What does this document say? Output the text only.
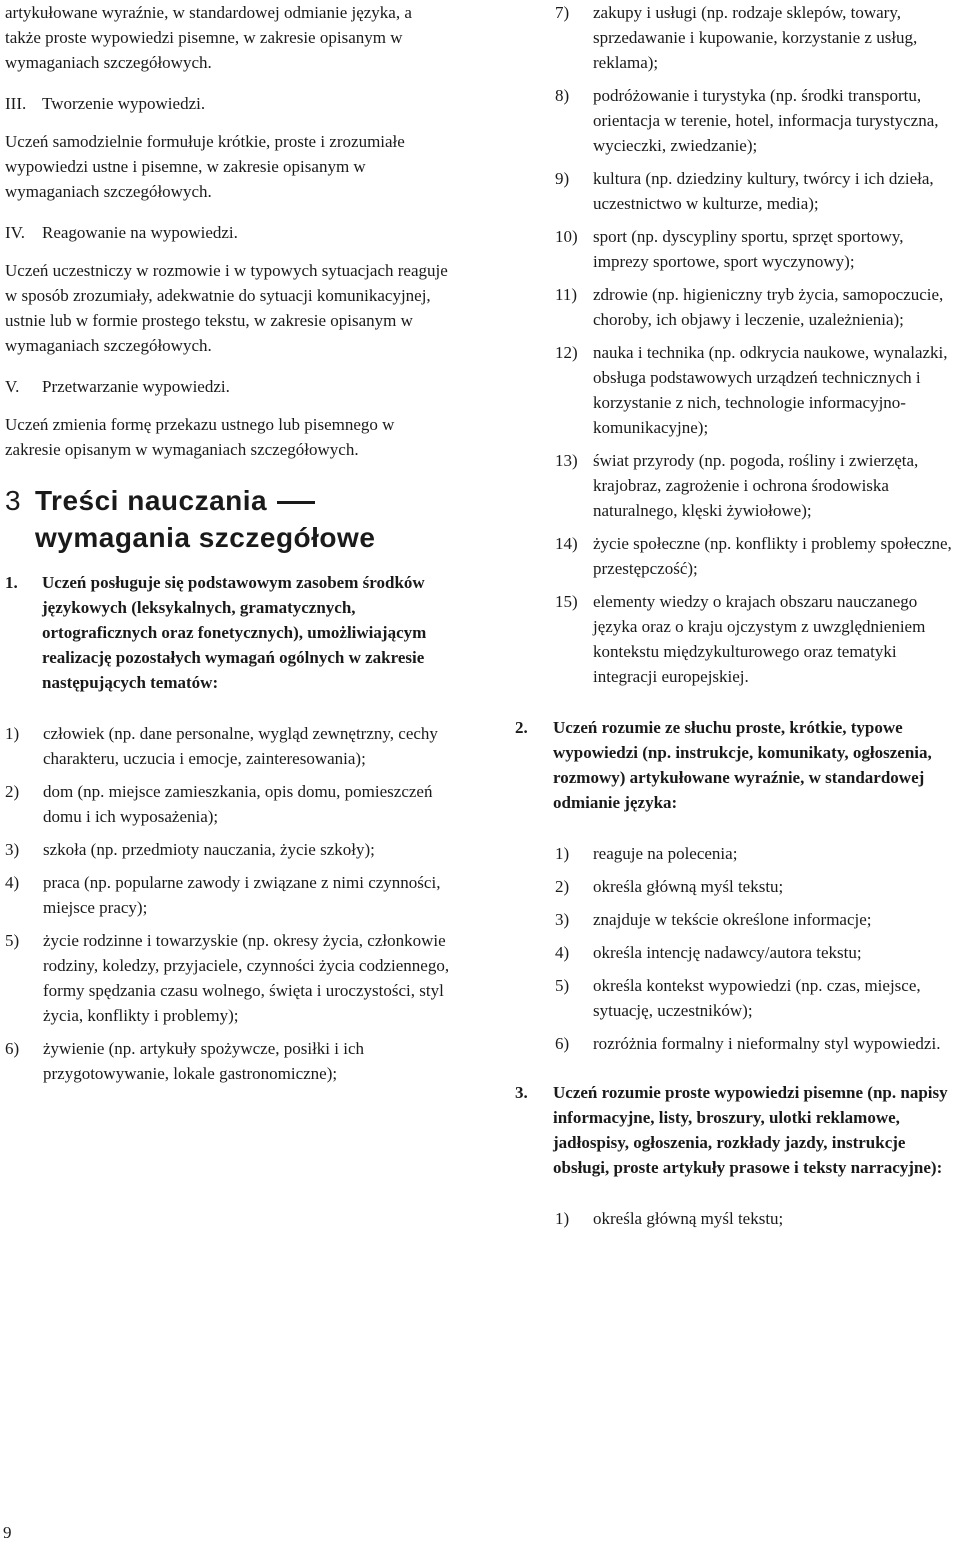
artykułowane wyraźnie, w standardowej odmianie języka, a także proste wypowiedzi pisemne, w zakresie opisanym w wymaganiach szczegółowych.

III. Tworzenie wypowiedzi.

Uczeń samodzielnie formułuje krótkie, proste i zrozumiałe wypowiedzi ustne i pisemne, w zakresie opisanym w wymaganiach szczegółowych.

IV. Reagowanie na wypowiedzi.

Uczeń uczestniczy w rozmowie i w typowych sytuacjach reaguje w sposób zrozumiały, adekwatnie do sytuacji komunikacyjnej, ustnie lub w formie prostego tekstu, w zakresie opisanym w wymaganiach szczegółowych.

V. Przetwarzanie wypowiedzi.

Uczeń zmienia formę przekazu ustnego lub pisemnego w zakresie opisanym w wymaganiach szczegółowych.

3 Treści nauczania
wymagania szczegółowe
1. Uczeń posługuje się podstawowym zasobem środków językowych (leksykalnych, gramatycznych, ortograficznych oraz fonetycznych), umożliwiającym realizację pozostałych wymagań ogólnych w zakresie następujących tematów:
1) człowiek (np. dane personalne, wygląd zewnętrzny, cechy charakteru, uczucia i emocje, zainteresowania);
2) dom (np. miejsce zamieszkania, opis domu, pomieszczeń domu i ich wyposażenia);
3) szkoła (np. przedmioty nauczania, życie szkoły);
4) praca (np. popularne zawody i związane z nimi czynności, miejsce pracy);
5) życie rodzinne i towarzyskie (np. okresy życia, członkowie rodziny, koledzy, przyjaciele, czynności życia codziennego, formy spędzania czasu wolnego, święta i uroczystości, styl życia, konflikty i problemy);
6) żywienie (np. artykuły spożywcze, posiłki i ich przygotowywanie, lokale gastronomiczne);
7) zakupy i usługi (np. rodzaje sklepów, towary, sprzedawanie i kupowanie, korzystanie z usług, reklama);
8) podróżowanie i turystyka (np. środki transportu, orientacja w terenie, hotel, informacja turystyczna, wycieczki, zwiedzanie);
9) kultura (np. dziedziny kultury, twórcy i ich dzieła, uczestnictwo w kulturze, media);
10) sport (np. dyscypliny sportu, sprzęt sportowy, imprezy sportowe, sport wyczynowy);
11) zdrowie (np. higieniczny tryb życia, samopoczucie, choroby, ich objawy i leczenie, uzależnienia);
12) nauka i technika (np. odkrycia naukowe, wynalazki, obsługa podstawowych urządzeń technicznych i korzystanie z nich, technologie informacyjno-komunikacyjne);
13) świat przyrody (np. pogoda, rośliny i zwierzęta, krajobraz, zagrożenie i ochrona środowiska naturalnego, klęski żywiołowe);
14) życie społeczne (np. konflikty i problemy społeczne, przestępczość);
15) elementy wiedzy o krajach obszaru nauczanego języka oraz o kraju ojczystym z uwzględnieniem kontekstu międzykulturowego oraz tematyki integracji europejskiej.
2. Uczeń rozumie ze słuchu proste, krótkie, typowe wypowiedzi (np. instrukcje, komunikaty, ogłoszenia, rozmowy) artykułowane wyraźnie, w standardowej odmianie języka:
1) reaguje na polecenia;
2) określa główną myśl tekstu;
3) znajduje w tekście określone informacje;
4) określa intencję nadawcy/autora tekstu;
5) określa kontekst wypowiedzi (np. czas, miejsce, sytuację, uczestników);
6) rozróżnia formalny i nieformalny styl wypowiedzi.
3. Uczeń rozumie proste wypowiedzi pisemne (np. napisy informacyjne, listy, broszury, ulotki reklamowe, jadłospisy, ogłoszenia, rozkłady jazdy, instrukcje obsługi, proste artykuły prasowe i teksty narracyjne):
1) określa główną myśl tekstu;
9
